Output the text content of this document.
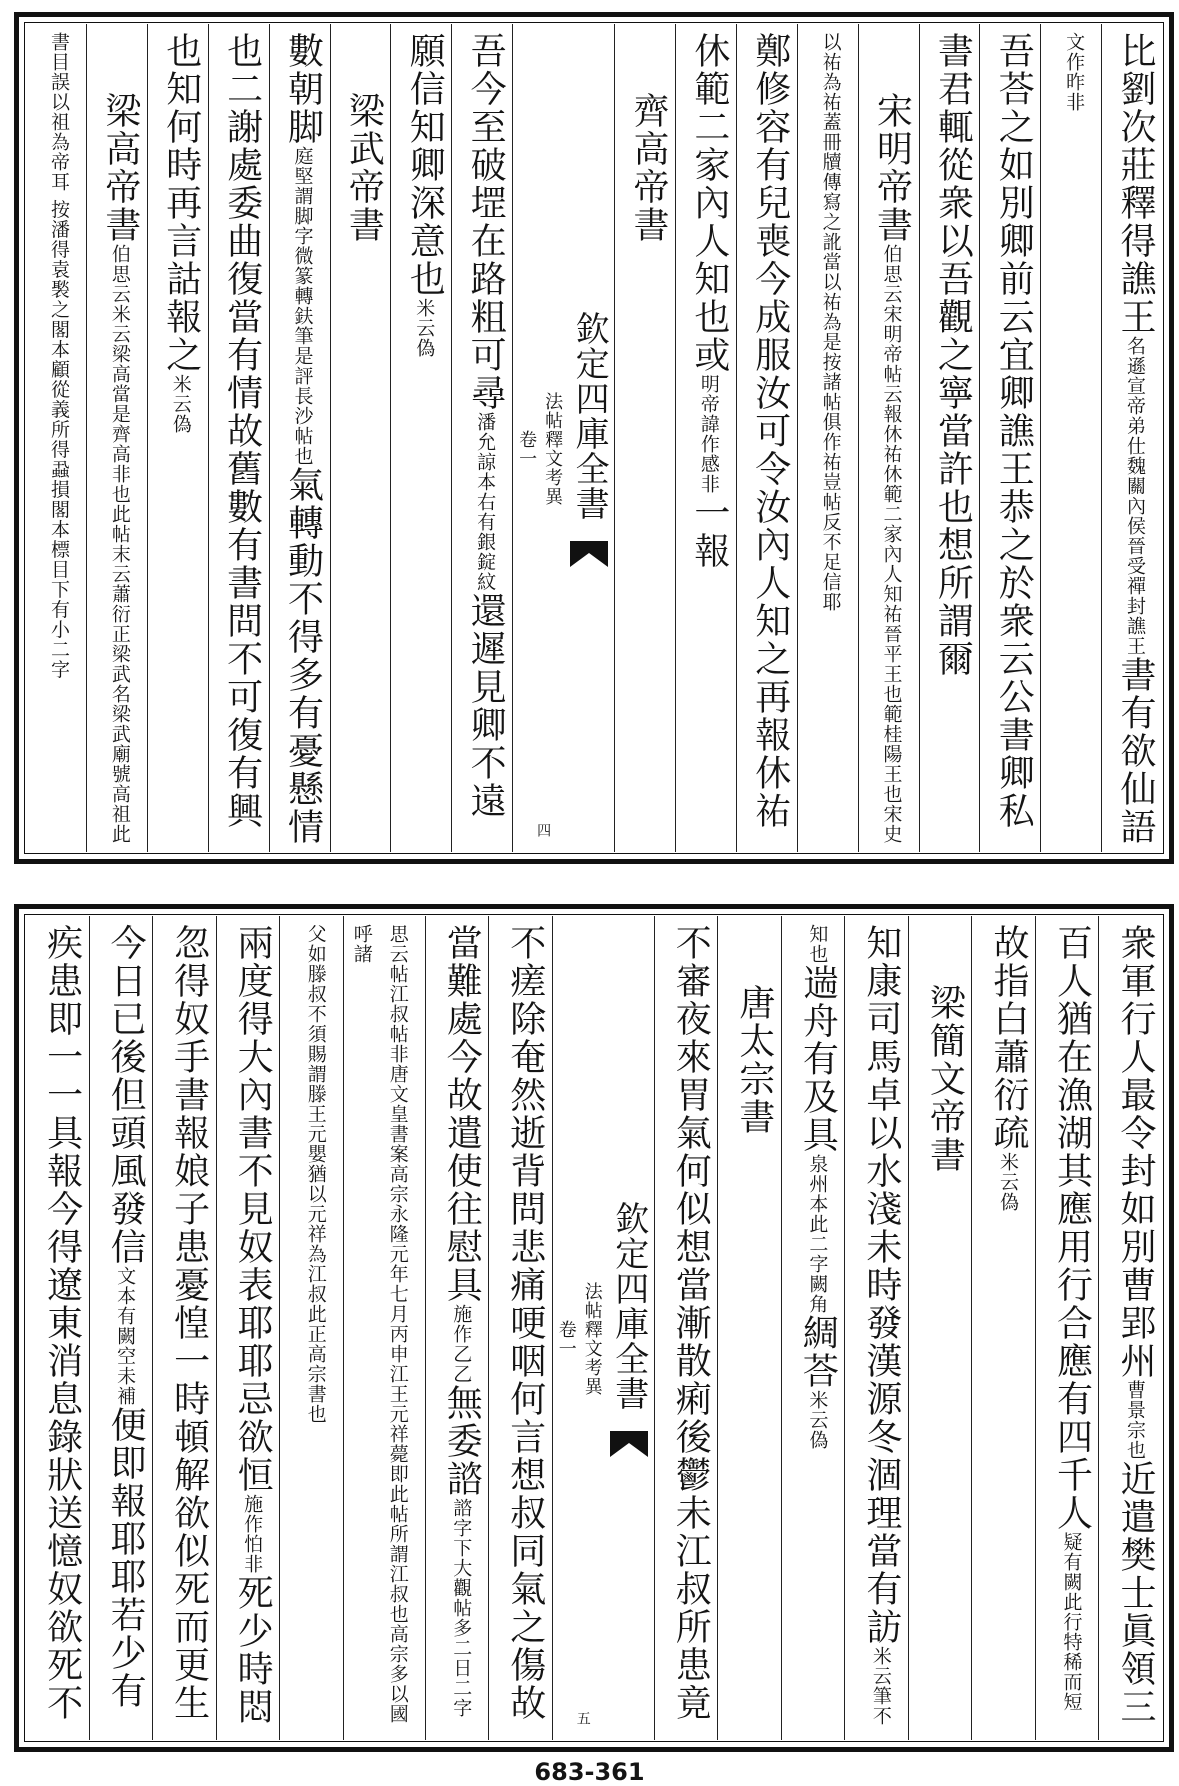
比劉次莊釋得譙王名遜宣帝弟仕魏關內侯晉受禪封譙王書有欲仙語
文作昨非
吾荅之如別卿前云宜卿譙王恭之於衆云公書卿私
書君輒從衆以吾觀之寧當許也想所謂爾
宋明帝書伯思云宋明帝帖云報休祐休範二家內人知祐晉平王也範桂陽王也宋史
以祐為祐蓋冊牘傳寫之訛當以祐為是按諸帖俱作祐豈帖反不足信耶
鄭修容有兒喪今成服汝可令汝內人知之再報休祐
休範二家內人知也或明帝諱作感非一報
齊高帝書
欽定四庫全書
法帖釋文考異
卷一
四
吾今至破堽在路粗可尋潘允諒本右有銀錠紋還遲見卿不遠
願信知卿深意也米云偽
梁武帝書
數朝脚庭堅謂脚字微篆轉鈇筆是評長沙帖也氣轉動不得多有憂懸情
也二謝處委曲復當有情故舊數有書問不可復有興
也知何時再言詁報之米云偽
梁高帝書伯思云米云梁高當是齊高非也此帖末云蕭衍正梁武名梁武廟號高祖此
書目誤以祖為帝耳 按潘得袁褧之閣本顧從義所得蝨損閣本標目下有小二字
衆軍行人最令封如別曹郢州曹景宗也近遣樊士眞領三
百人猶在漁湖其應用行合應有四千人疑有闕此行特稀而短
故指白蕭衍疏米云偽
梁簡文帝書
知康司馬卓以水淺未時發漢源冬涸理當有訪米云筆不
知也遄舟有及具泉州本此二字闕角綢荅米云偽
唐太宗書
不審夜來胃氣何似想當漸散痢後鬱未江叔所患竟
欽定四庫全書
法帖釋文考異
卷一
五
不瘥除奄然逝背問悲痛哽咽何言想叔同氣之傷故
當難處今故遣使往慰具施作乙乙無委諮諮字下大觀帖多二日二字
思云帖江叔帖非唐文皇書案高宗永隆元年七月丙申江王元祥薨即此帖所謂江叔也高宗多以國呼諸
父如滕叔不須賜謂滕王元嬰猶以元祥為江叔此正高宗書也
兩度得大內書不見奴表耶耶忌欲恒施作怕非死少時悶
忽得奴手書報娘子患憂惶一時頓解欲似死而更生
今日已後但頭風發信文本有闕空未補便即報耶耶若少有
疾患即一一具報今得遼東消息錄狀送憶奴欲死不
683-361
